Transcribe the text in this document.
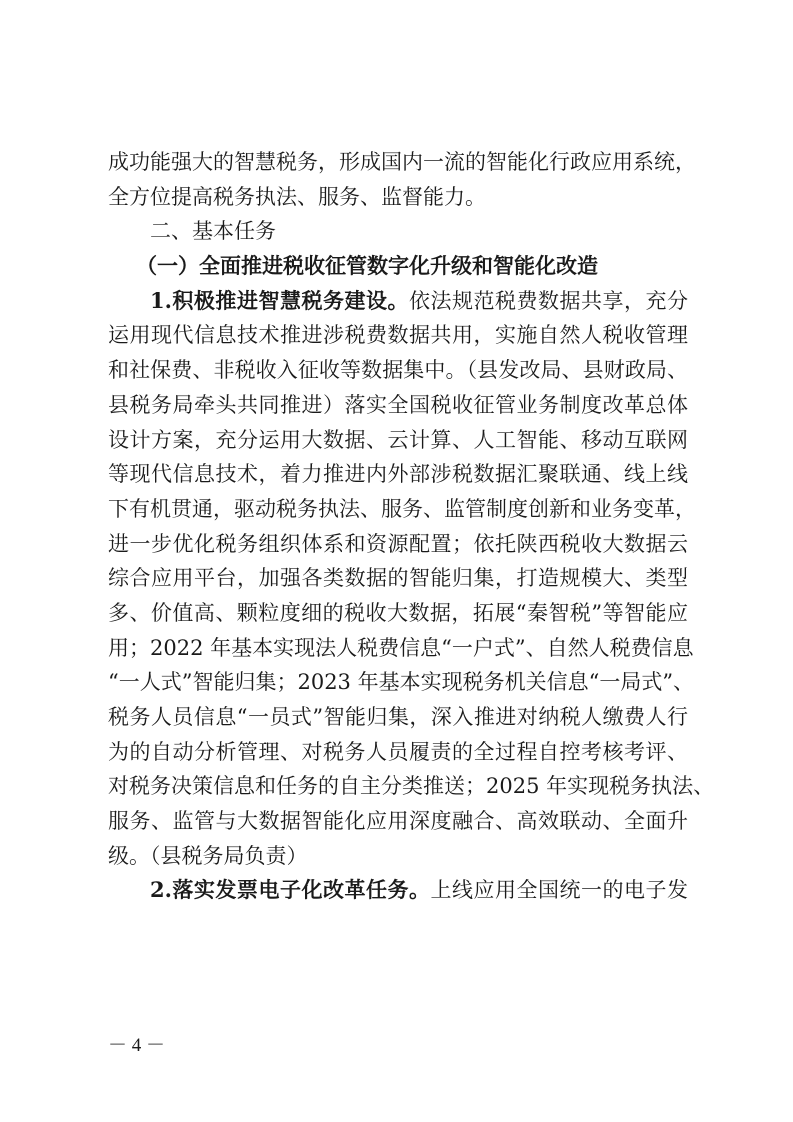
成功能强大的智慧税务，形成国内一流的智能化行政应用系统，
全方位提高税务执法、服务、监督能力。
二、基本任务
（一）全面推进税收征管数字化升级和智能化改造
1.积极推进智慧税务建设。依法规范税费数据共享，充分
运用现代信息技术推进涉税费数据共用，实施自然人税收管理
和社保费、非税收入征收等数据集中。（县发改局、县财政局、
县税务局牵头共同推进）落实全国税收征管业务制度改革总体
设计方案，充分运用大数据、云计算、人工智能、移动互联网
等现代信息技术，着力推进内外部涉税数据汇聚联通、线上线
下有机贯通，驱动税务执法、服务、监管制度创新和业务变革，
进一步优化税务组织体系和资源配置；依托陕西税收大数据云
综合应用平台，加强各类数据的智能归集，打造规模大、类型
多、价值高、颗粒度细的税收大数据，拓展“秦智税”等智能应
用；2022 年基本实现法人税费信息“一户式”、自然人税费信息
“一人式”智能归集；2023 年基本实现税务机关信息“一局式”、
税务人员信息“一员式”智能归集，深入推进对纳税人缴费人行
为的自动分析管理、对税务人员履责的全过程自控考核考评、
对税务决策信息和任务的自主分类推送；2025 年实现税务执法、
服务、监管与大数据智能化应用深度融合、高效联动、全面升
级。（县税务局负责）
2.落实发票电子化改革任务。上线应用全国统一的电子发
－ 4 －
